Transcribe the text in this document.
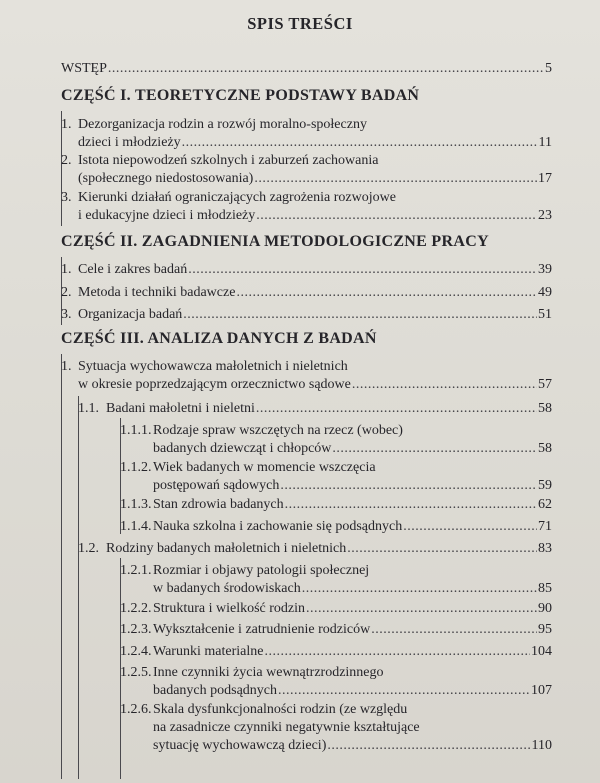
SPIS TREŚCI
WSTĘP .....	5
CZĘŚĆ I. TEORETYCZNE PODSTAWY BADAŃ
1. Dezorganizacja rodzin a rozwój moralno-społeczny
dzieci i młodzieży .....	11
2. Istota niepowodzeń szkolnych i zaburzeń zachowania
(społecznego niedostosowania) .....	17
3. Kierunki działań ograniczających zagrożenia rozwojowe
i edukacyjne dzieci i młodzieży .....	23
CZĘŚĆ II. ZAGADNIENIA METODOLOGICZNE PRACY
1. Cele i zakres badań .....	39
2. Metoda i techniki badawcze .....	49
3. Organizacja badań .....	51
CZĘŚĆ III. ANALIZA DANYCH Z BADAŃ
1. Sytuacja wychowawcza małoletnich i nieletnich
w okresie poprzedzającym orzecznictwo sądowe .....	57
1.1. Badani małoletni i nieletni .....	58
1.1.1. Rodzaje spraw wszczętych na rzecz (wobec)
badanych dziewcząt i chłopców .....	58
1.1.2. Wiek badanych w momencie wszczęcia
postępowań sądowych .....	59
1.1.3. Stan zdrowia badanych .....	62
1.1.4. Nauka szkolna i zachowanie się podsądnych .....	71
1.2. Rodziny badanych małoletnich i nieletnich .....	83
1.2.1. Rozmiar i objawy patologii społecznej
w badanych środowiskach .....	85
1.2.2. Struktura i wielkość rodzin .....	90
1.2.3. Wykształcenie i zatrudnienie rodziców .....	95
1.2.4. Warunki materialne .....	104
1.2.5. Inne czynniki życia wewnątrzrodzinnego
badanych podsądnych .....	107
1.2.6. Skala dysfunkcjonalności rodzin (ze względu
na zasadnicze czynniki negatywnie kształtujące
sytuację wychowawczą dzieci) .....	110
